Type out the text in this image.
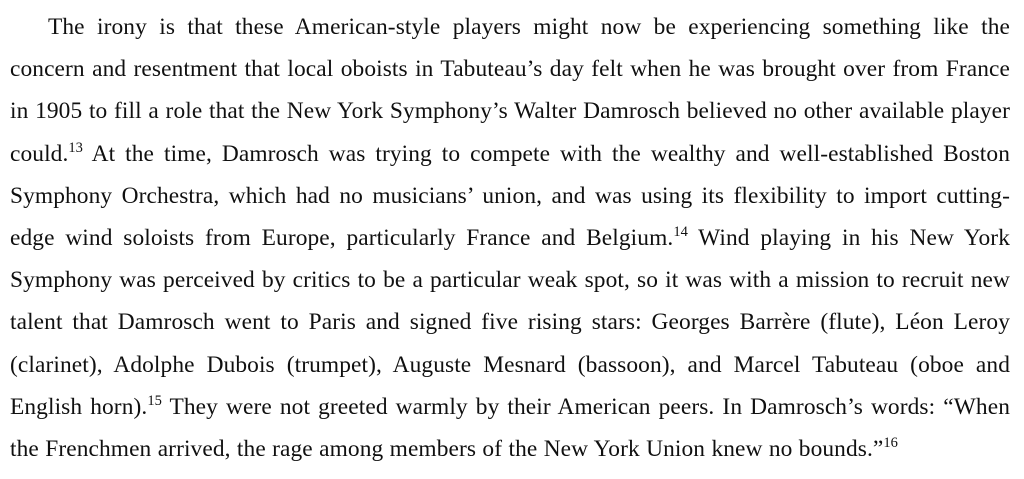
The irony is that these American-style players might now be experiencing something like the concern and resentment that local oboists in Tabuteau’s day felt when he was brought over from France in 1905 to fill a role that the New York Symphony’s Walter Damrosch believed no other available player could.$^{13}$ At the time, Damrosch was trying to compete with the wealthy and well-established Boston Symphony Orchestra, which had no musicians’ union, and was using its flexibility to import cutting-edge wind soloists from Europe, particularly France and Belgium.$^{14}$ Wind playing in his New York Symphony was perceived by critics to be a particular weak spot, so it was with a mission to recruit new talent that Damrosch went to Paris and signed five rising stars: Georges Barrère (flute), Léon Leroy (clarinet), Adolphe Dubois (trumpet), Auguste Mesnard (bassoon), and Marcel Tabuteau (oboe and English horn).$^{15}$ They were not greeted warmly by their American peers. In Damrosch’s words: “When the Frenchmen arrived, the rage among members of the New York Union knew no bounds.”$^{16}$
